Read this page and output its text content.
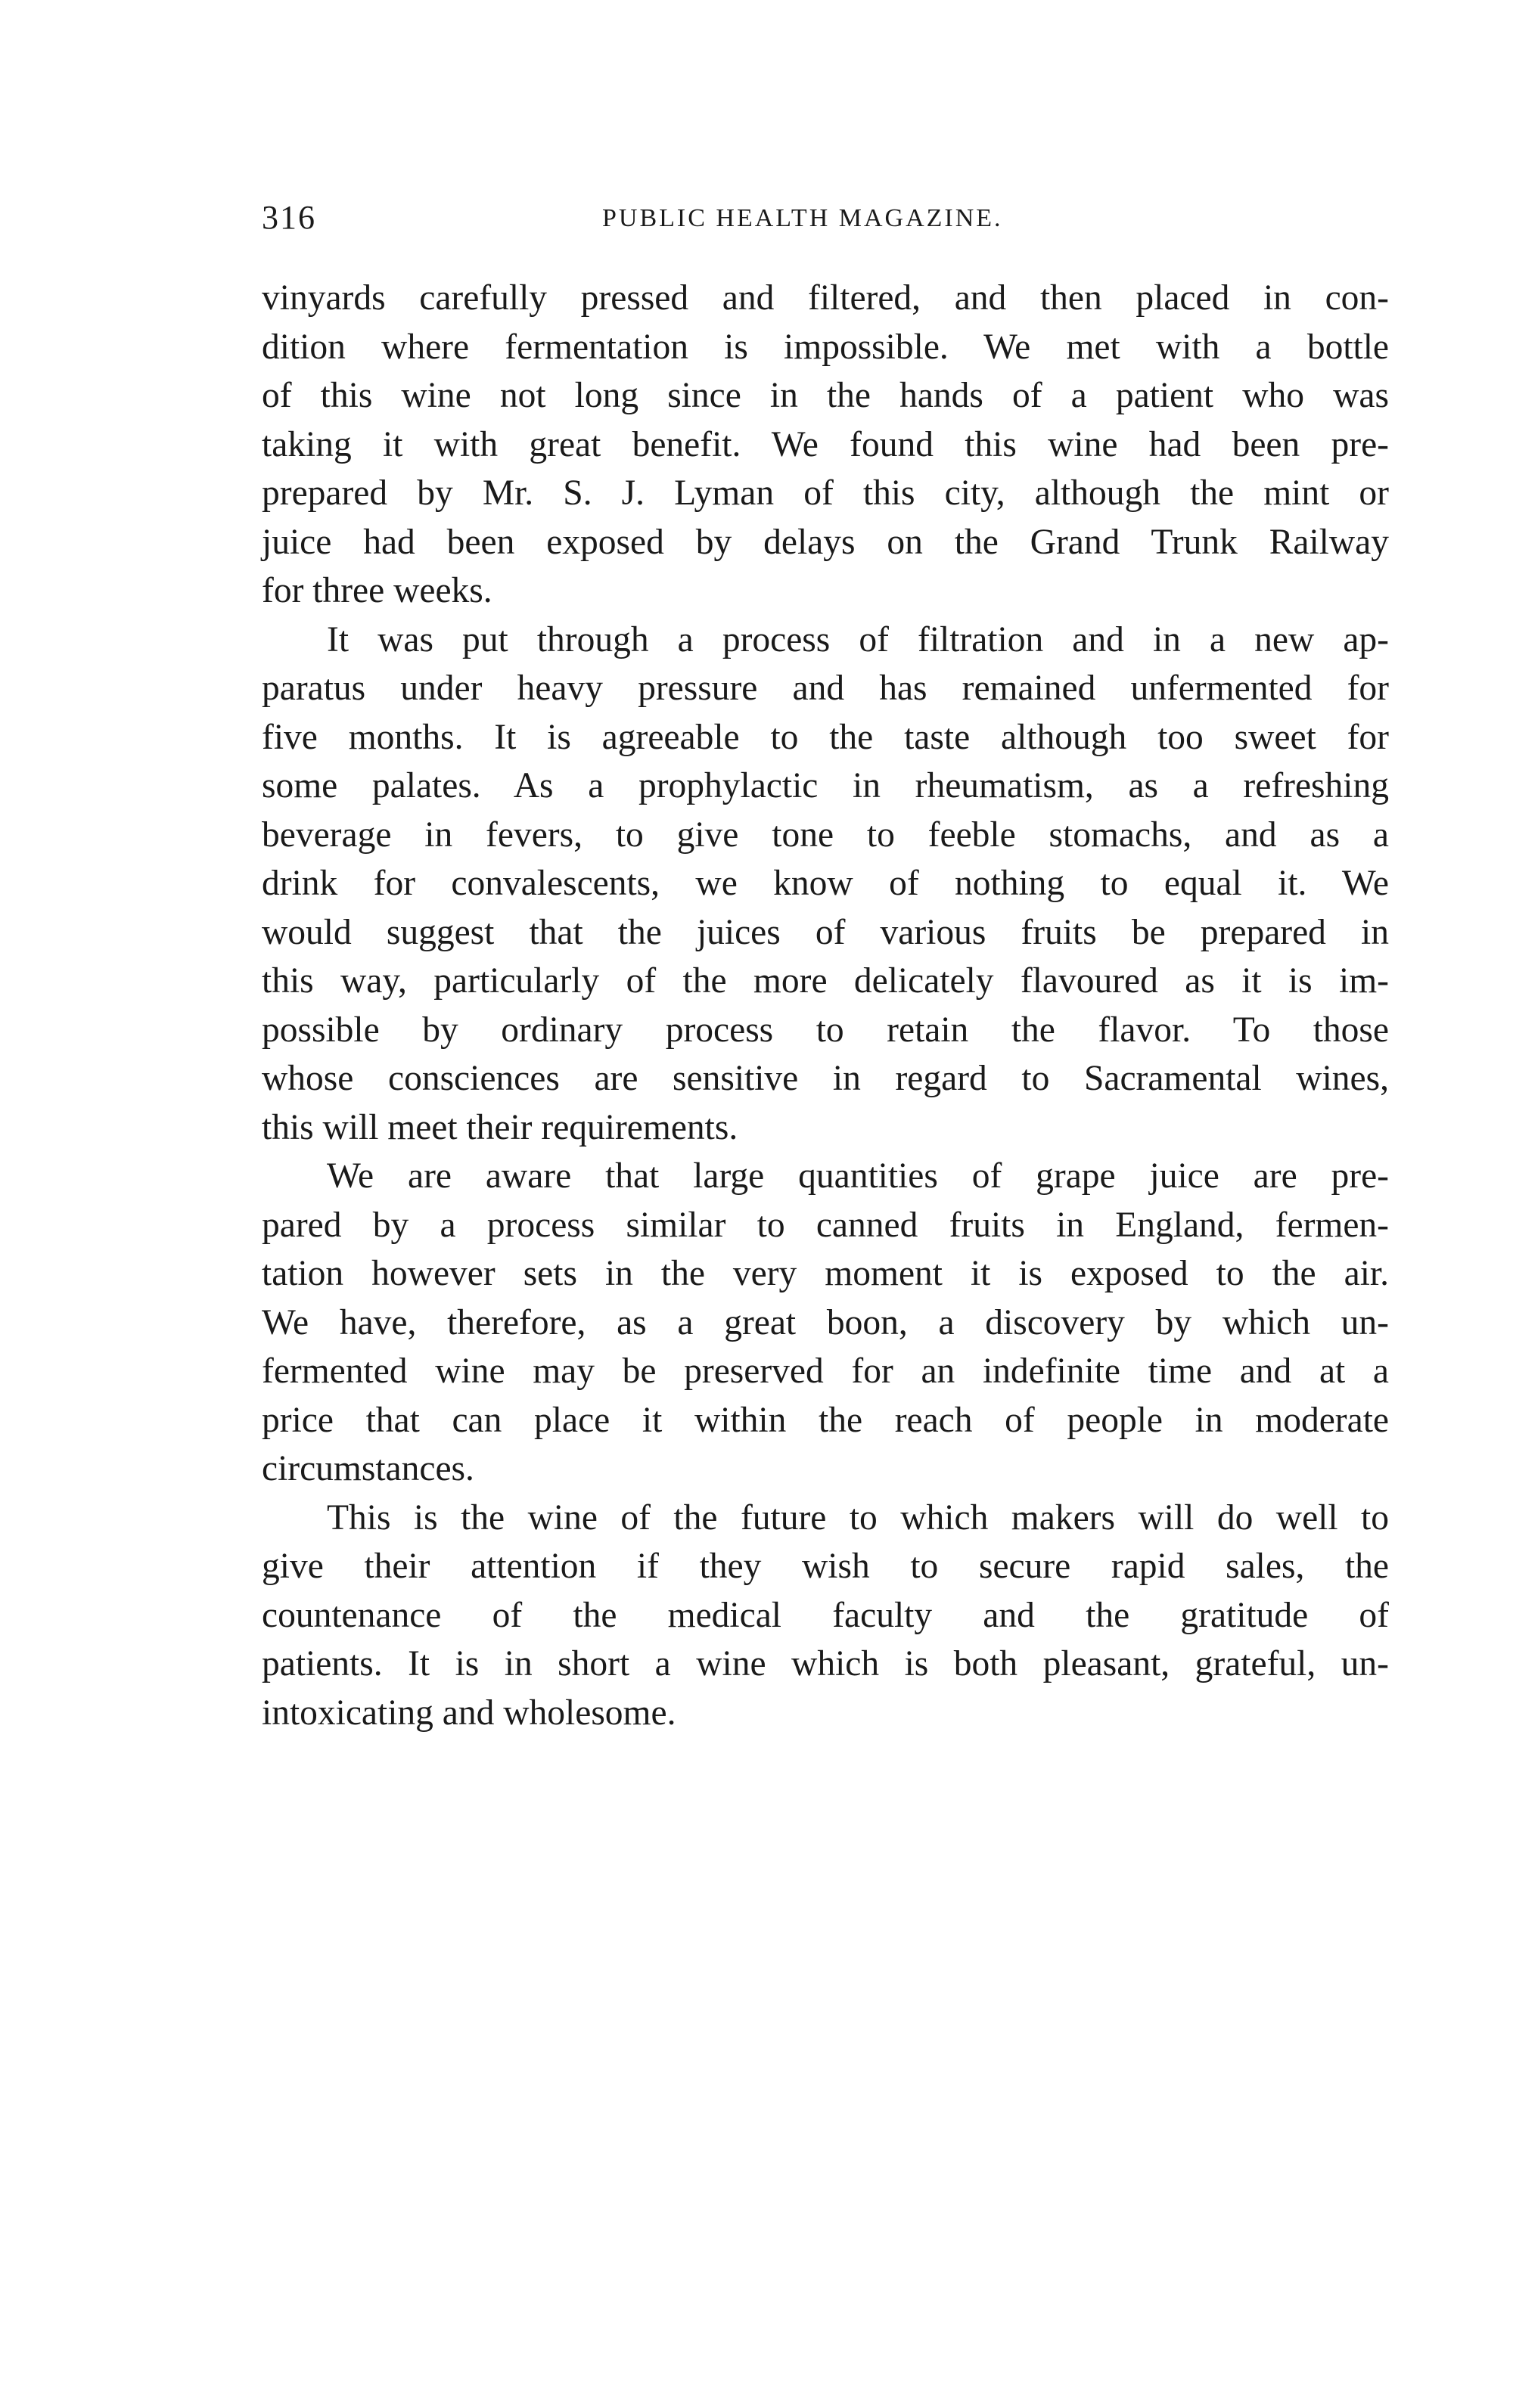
316	PUBLIC HEALTH MAGAZINE.
vinyards carefully pressed and filtered, and then placed in con-
dition where fermentation is impossible. We met with a bottle
of this wine not long since in the hands of a patient who was
taking it with great benefit. We found this wine had been pre-
prepared by Mr. S. J. Lyman of this city, although the mint or
juice had been exposed by delays on the Grand Trunk Railway
for three weeks.
It was put through a process of filtration and in a new ap-
paratus under heavy pressure and has remained unfermented for
five months. It is agreeable to the taste although too sweet for
some palates. As a prophylactic in rheumatism, as a refreshing
beverage in fevers, to give tone to feeble stomachs, and as a
drink for convalescents, we know of nothing to equal it. We
would suggest that the juices of various fruits be prepared in
this way, particularly of the more delicately flavoured as it is im-
possible by ordinary process to retain the flavor. To those
whose consciences are sensitive in regard to Sacramental wines,
this will meet their requirements.
We are aware that large quantities of grape juice are pre-
pared by a process similar to canned fruits in England, fermen-
tation however sets in the very moment it is exposed to the air.
We have, therefore, as a great boon, a discovery by which un-
fermented wine may be preserved for an indefinite time and at a
price that can place it within the reach of people in moderate
circumstances.
This is the wine of the future to which makers will do well to
give their attention if they wish to secure rapid sales, the
countenance of the medical faculty and the gratitude of
patients. It is in short a wine which is both pleasant, grateful, un-
intoxicating and wholesome.
